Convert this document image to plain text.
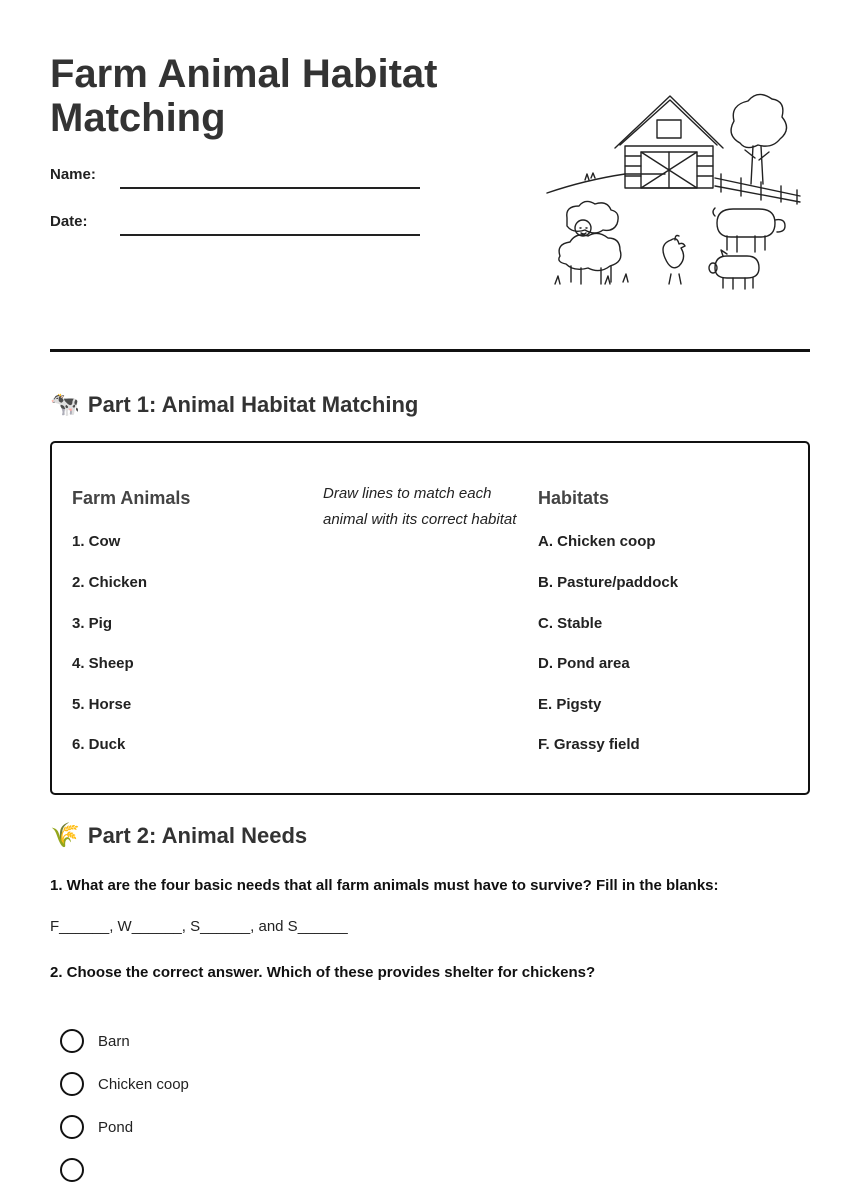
Farm Animal Habitat Matching
Name:
Date:
🐄 Part 1: Animal Habitat Matching
Farm Animals	Draw lines to match each animal with its correct habitat
Habitats
1. Cow
2. Chicken
3. Pig
4. Sheep
5. Horse
6. Duck
A. Chicken coop
B. Pasture/paddock
C. Stable
D. Pond area
E. Pigsty
F. Grassy field
🌾 Part 2: Animal Needs
1. What are the four basic needs that all farm animals must have to survive? Fill in the blanks:
F______, W______, S______, and S______
2. Choose the correct answer. Which of these provides shelter for chickens?
Barn
Chicken coop
Pond
